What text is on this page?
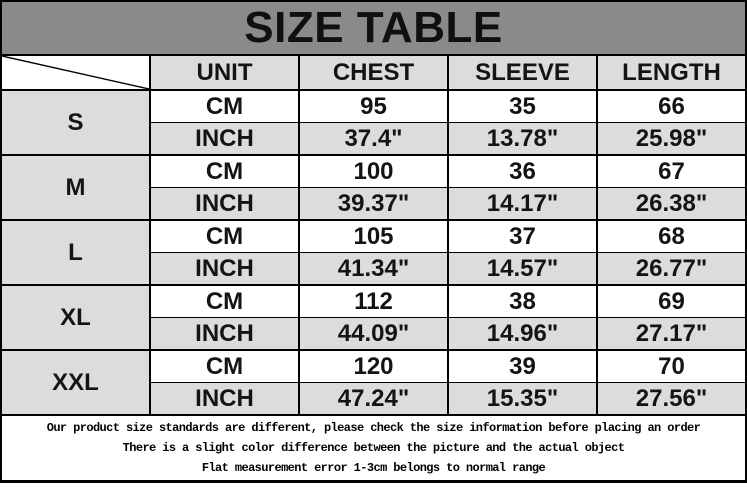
SIZE TABLE				

	UNIT	CHEST	SLEEVE	LENGTH
S	CM	95	35	66
	INCH	37.4"	13.78"	25.98"
M	CM	100	36	67
	INCH	39.37"	14.17"	26.38"
L	CM	105	37	68
	INCH	41.34"	14.57"	26.77"
XL	CM	112	38	69
	INCH	44.09"	14.96"	27.17"
XXL	CM	120	39	70
	INCH	47.24"	15.35"	27.56"
Our product size standards are different, please check the size information before placing an order
There is a slight color difference between the picture and the actual object
Flat measurement error 1-3cm belongs to normal range
